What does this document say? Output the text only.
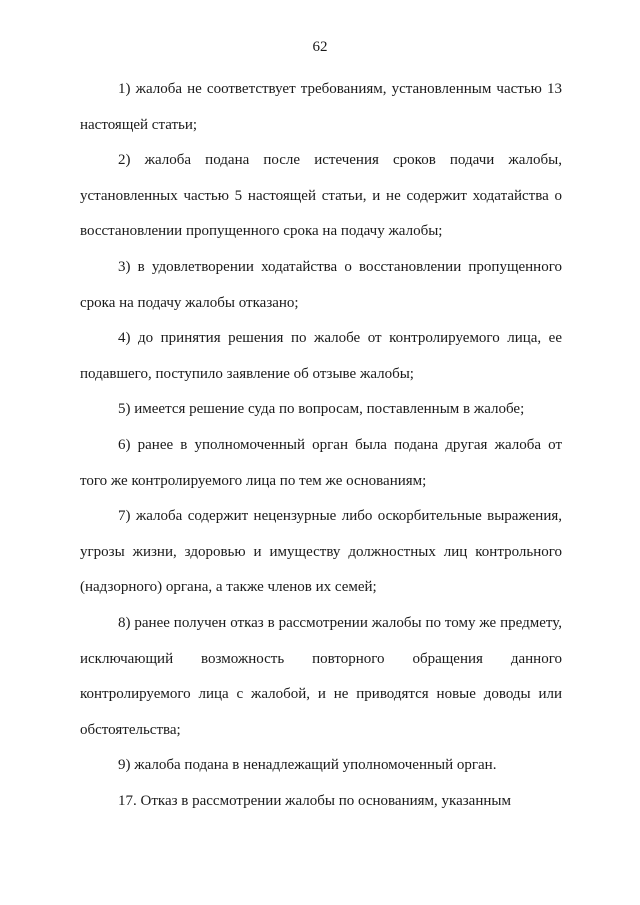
62

1) жалоба не соответствует требованиям, установленным частью 13 настоящей статьи;

2) жалоба подана после истечения сроков подачи жалобы, установленных частью 5 настоящей статьи, и не содержит ходатайства о восстановлении пропущенного срока на подачу жалобы;

3) в удовлетворении ходатайства о восстановлении пропущенного срока на подачу жалобы отказано;

4) до принятия решения по жалобе от контролируемого лица, ее подавшего, поступило заявление об отзыве жалобы;

5) имеется решение суда по вопросам, поставленным в жалобе;

6) ранее в уполномоченный орган была подана другая жалоба от того же контролируемого лица по тем же основаниям;

7) жалоба содержит нецензурные либо оскорбительные выражения, угрозы жизни, здоровью и имуществу должностных лиц контрольного (надзорного) органа, а также членов их семей;

8) ранее получен отказ в рассмотрении жалобы по тому же предмету, исключающий возможность повторного обращения данного контролируемого лица с жалобой, и не приводятся новые доводы или обстоятельства;

9) жалоба подана в ненадлежащий уполномоченный орган.

17. Отказ в рассмотрении жалобы по основаниям, указанным
